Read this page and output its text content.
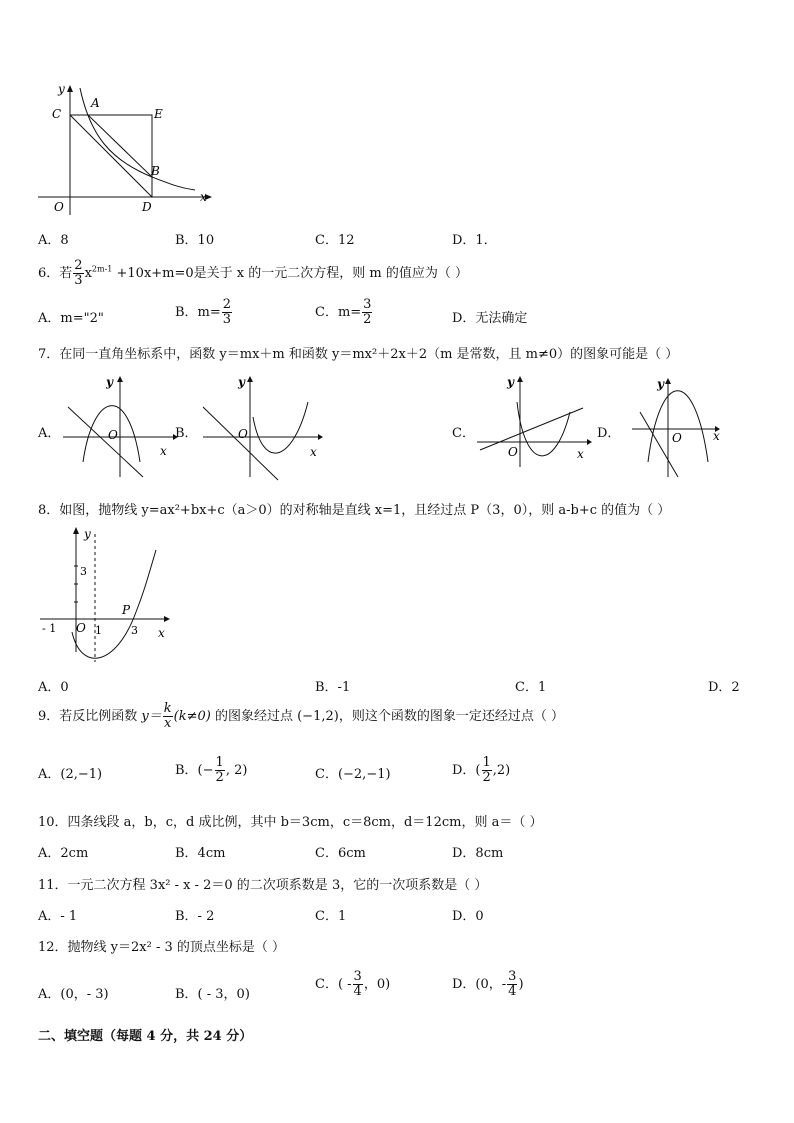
y
x
C
A
E
B
O	D
A．8	B．10	C．12	D．1．
6．若 $\frac{2}{3} x^{2m-1} +10x+m=0$是关于 x 的一元二次方程，则 m 的值应为（ ）
A．m="2"	B．$m= \frac{2}{3}$	C．$m= \frac{3}{2}$	D．无法确定
7．在同一直角坐标系中，函数 y＝mx＋m 和函数 y＝mx²＋2x＋2（m 是常数，且 m≠0）的图象可能是（ ）
A．
y
O
x
B．
y
O
x
C．
y
O	x
D．
y
O	x
8．如图，抛物线 y=ax²+bx+c（a＞0）的对称轴是直线 x=1，且经过点 P（3，0），则 a-b+c 的值为（ ）
y
3
- 1 O 1	3
P
x
A．0	B．-1	C．1	D．2
9．若反比例函数 $y= \frac{k}{x} (k\ne 0)$ 的图象经过点 (−1,2)，则这个函数的图象一定还经过点（ ）
A．(2,−1)	B．(− $\frac{1}{2}$ , 2)	C．(−2,−1)	D．( $\frac{1}{2} ,2$)
10．四条线段 a，b，c，d 成比例，其中 b＝3cm，c＝8cm，d＝12cm，则 a＝（ ）
A．2cm	B．4cm	C．6cm	D．8cm
11．一元二次方程 3x² - x - 2＝0 的二次项系数是 3，它的一次项系数是（ ）
A．- 1	B．- 2	C．1	D．0
12．抛物线 y＝2x² - 3 的顶点坐标是（ ）
A．(0，- 3)	B．( - 3，0)
C．( - $\frac{3}{4}$ ，0)	D．(0，- $\frac{3}{4}$ )
二、填空题（每题 4 分，共 24 分）
